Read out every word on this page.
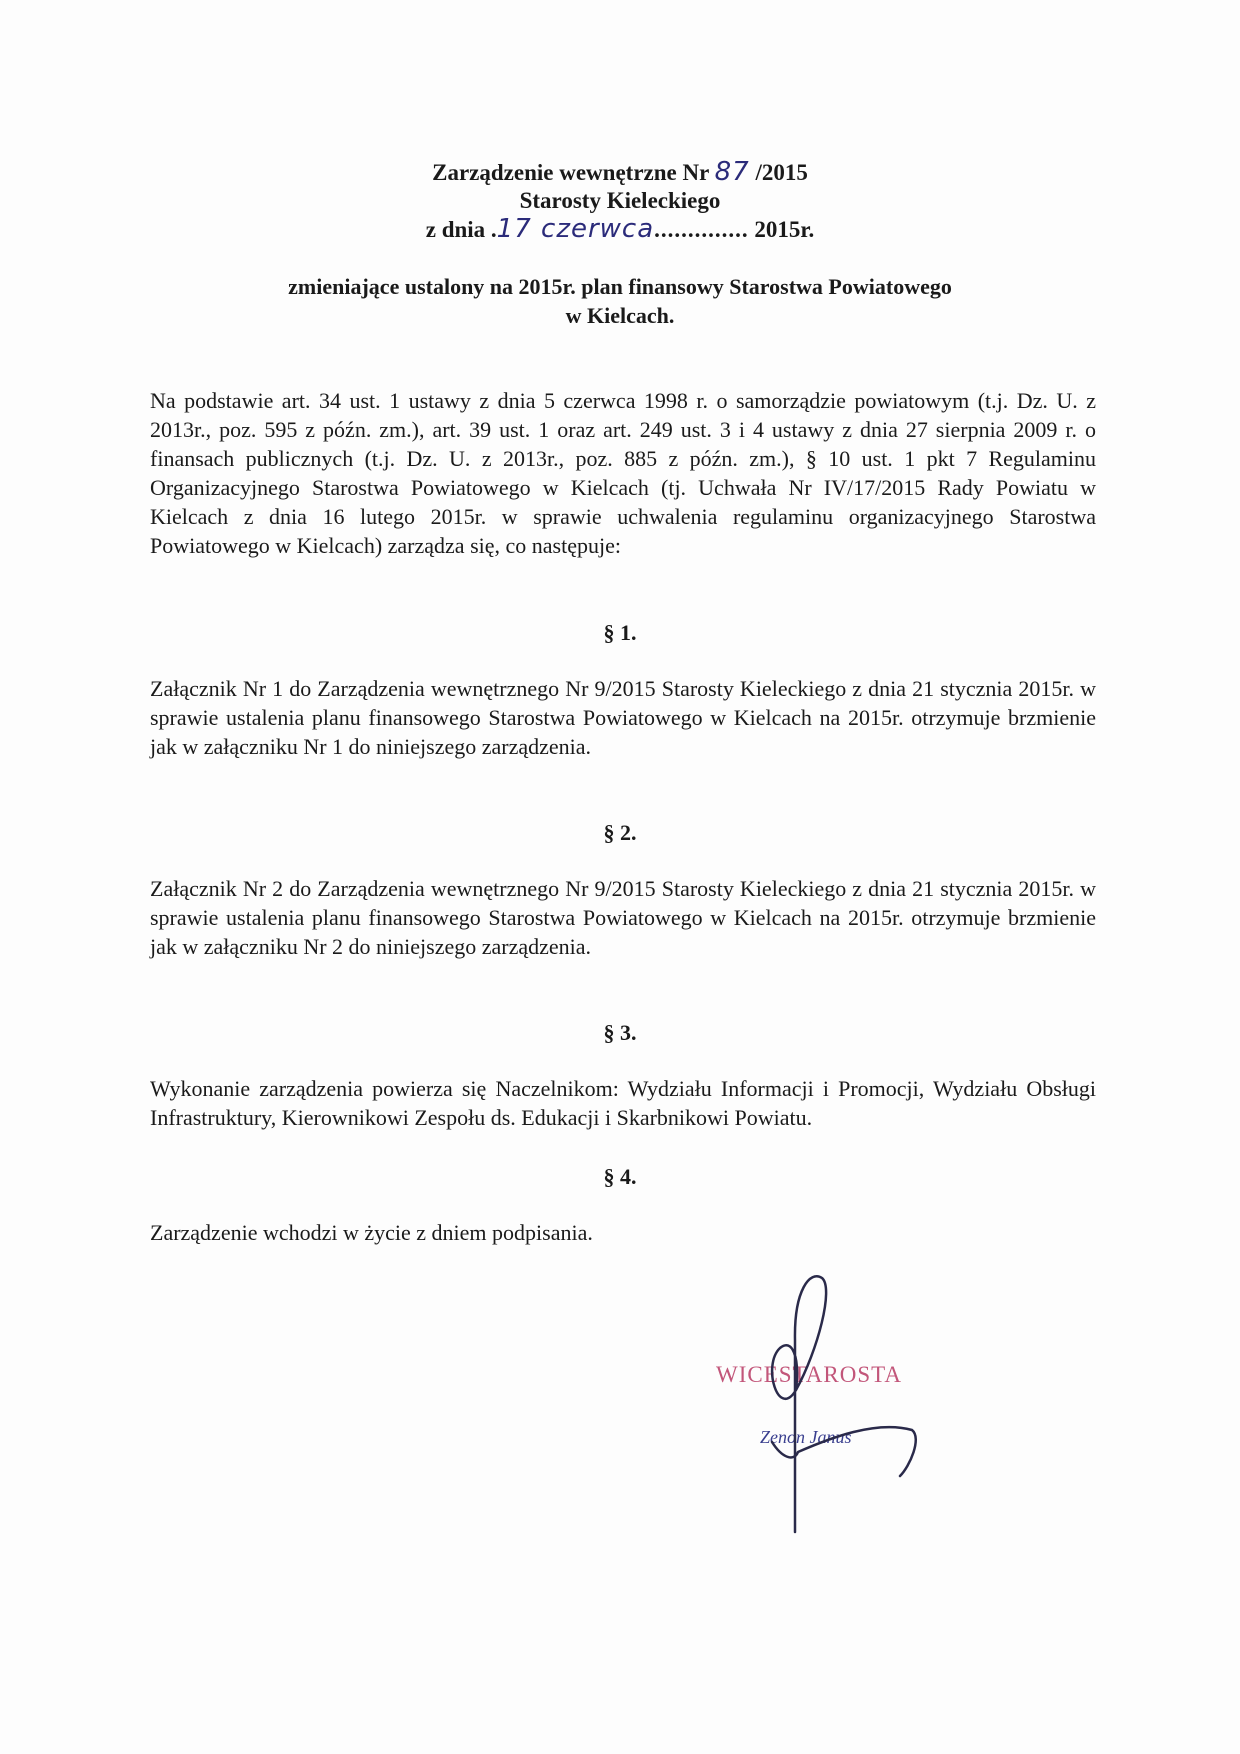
Zarządzenie wewnętrzne Nr 87 /2015
Starosty Kieleckiego
z dnia .17 czerwca.............. 2015r.
zmieniające ustalony na 2015r. plan finansowy Starostwa Powiatowego
w Kielcach.
Na podstawie art. 34 ust. 1 ustawy z dnia 5 czerwca 1998 r. o samorządzie powiatowym (t.j. Dz. U. z 2013r., poz. 595 z późn. zm.), art. 39 ust. 1 oraz art. 249 ust. 3 i 4 ustawy z dnia 27 sierpnia 2009 r. o finansach publicznych (t.j. Dz. U. z 2013r., poz. 885 z późn. zm.), § 10 ust. 1 pkt 7 Regulaminu Organizacyjnego Starostwa Powiatowego w Kielcach (tj. Uchwała Nr IV/17/2015 Rady Powiatu w Kielcach z dnia 16 lutego 2015r. w sprawie uchwalenia regulaminu organizacyjnego Starostwa Powiatowego w Kielcach) zarządza się, co następuje:
§ 1.
Załącznik Nr 1 do Zarządzenia wewnętrznego Nr 9/2015 Starosty Kieleckiego z dnia 21 stycznia 2015r. w sprawie ustalenia planu finansowego Starostwa Powiatowego w Kielcach na 2015r. otrzymuje brzmienie jak w załączniku Nr 1 do niniejszego zarządzenia.
§ 2.
Załącznik Nr 2 do Zarządzenia wewnętrznego Nr 9/2015 Starosty Kieleckiego z dnia 21 stycznia 2015r. w sprawie ustalenia planu finansowego Starostwa Powiatowego w Kielcach na 2015r. otrzymuje brzmienie jak w załączniku Nr 2 do niniejszego zarządzenia.
§ 3.
Wykonanie zarządzenia powierza się Naczelnikom: Wydziału Informacji i Promocji, Wydziału Obsługi Infrastruktury, Kierownikowi Zespołu ds. Edukacji i Skarbnikowi Powiatu.
§ 4.
Zarządzenie wchodzi w życie z dniem podpisania.
WICESTAROSTA
Zenon Janus
